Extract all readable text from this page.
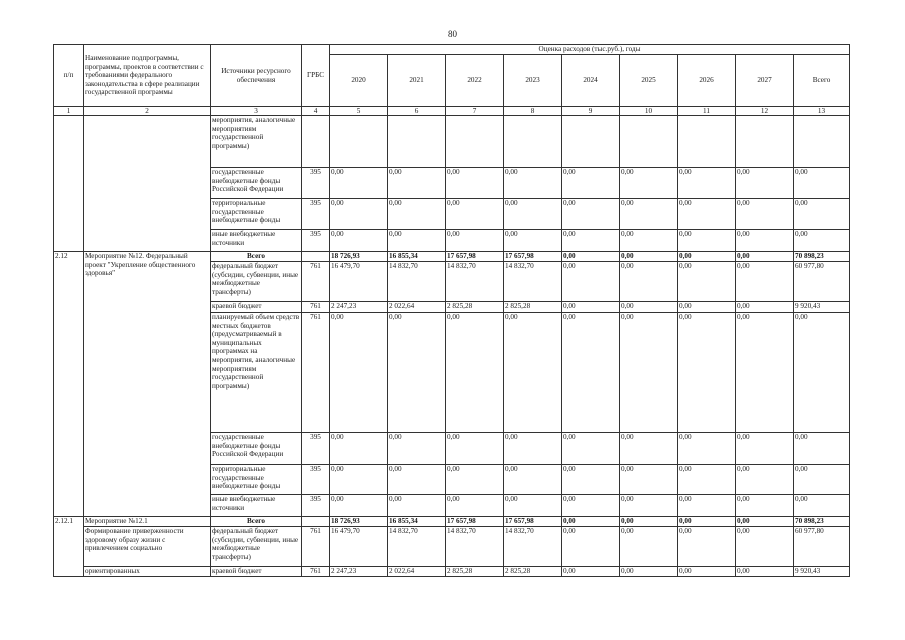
80
п/п	Наименование подпрограммы, программы, проектов в соответствии с требованиями федерального законодательства в сфере реализации государственной программы	Источники ресурсного обеспечения	ГРБС	Оценка расходов (тыс.руб.), годы								
				2020	2021	2022	2023	2024	2025	2026	2027	Всего
1	2	3	4	5	6	7	8	9	10	11	12	13
		мероприятия, аналогичные мероприятиям государственной программы)										
		государственные внебюджетные фонды Российской Федерации	395	0,00	0,00	0,00	0,00	0,00	0,00	0,00	0,00	0,00
		территориальные государственные внебюджетные фонды	395	0,00	0,00	0,00	0,00	0,00	0,00	0,00	0,00	0,00
		иные внебюджетные источники	395	0,00	0,00	0,00	0,00	0,00	0,00	0,00	0,00	0,00
2.12	Мероприятие №12. Федеральный проект "Укрепление общественного здоровья"	Всего		18 726,93	16 855,34	17 657,98	17 657,98	0,00	0,00	0,00	0,00	70 898,23
		федеральный бюджет (субсидии, субвенции, иные межбюджетные трансферты)	761	16 479,70	14 832,70	14 832,70	14 832,70	0,00	0,00	0,00	0,00	60 977,80
		краевой бюджет	761	2 247,23	2 022,64	2 825,28	2 825,28	0,00	0,00	0,00	0,00	9 920,43
		планируемый объем средств местных бюджетов (предусматриваемый в муниципальных программах на мероприятия, аналогичные мероприятиям государственной программы)	761	0,00	0,00	0,00	0,00	0,00	0,00	0,00	0,00	0,00
		государственные внебюджетные фонды Российской Федерации	395	0,00	0,00	0,00	0,00	0,00	0,00	0,00	0,00	0,00
		территориальные государственные внебюджетные фонды	395	0,00	0,00	0,00	0,00	0,00	0,00	0,00	0,00	0,00
		иные внебюджетные источники	395	0,00	0,00	0,00	0,00	0,00	0,00	0,00	0,00	0,00
2.12.1	Мероприятие №12.1	Всего		18 726,93	16 855,34	17 657,98	17 657,98	0,00	0,00	0,00	0,00	70 898,23
	Формирование приверженности здоровому образу жизни с привлечением социально	федеральный бюджет (субсидии, субвенции, иные межбюджетные трансферты)	761	16 479,70	14 832,70	14 832,70	14 832,70	0,00	0,00	0,00	0,00	60 977,80
	ориентированных	краевой бюджет	761	2 247,23	2 022,64	2 825,28	2 825,28	0,00	0,00	0,00	0,00	9 920,43
